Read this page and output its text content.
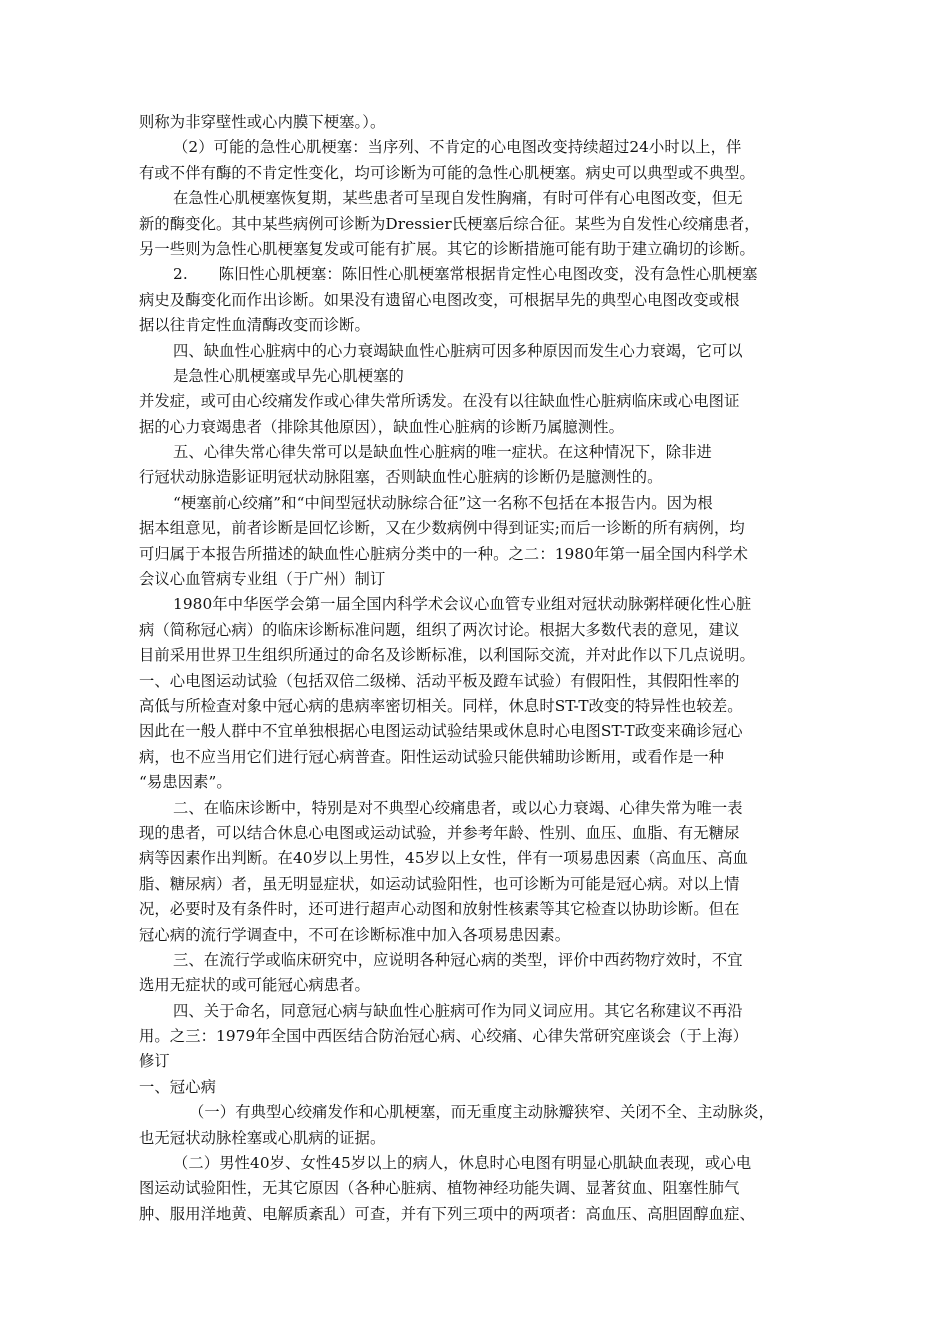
则称为非穿壁性或心内膜下梗塞。）。
（2）可能的急性心肌梗塞：当序列、不肯定的心电图改变持续超过24小时以上，伴
有或不伴有酶的不肯定性变化，均可诊断为可能的急性心肌梗塞。病史可以典型或不典型。
在急性心肌梗塞恢复期，某些患者可呈现自发性胸痛，有时可伴有心电图改变，但无
新的酶变化。其中某些病例可诊断为Dressier氏梗塞后综合征。某些为自发性心绞痛患者，
另一些则为急性心肌梗塞复发或可能有扩展。其它的诊断措施可能有助于建立确切的诊断。
2.　　陈旧性心肌梗塞：陈旧性心肌梗塞常根据肯定性心电图改变，没有急性心肌梗塞
病史及酶变化而作出诊断。如果没有遗留心电图改变，可根据早先的典型心电图改变或根
据以往肯定性血清酶改变而诊断。
四、缺血性心脏病中的心力衰竭缺血性心脏病可因多种原因而发生心力衰竭，它可以
是急性心肌梗塞或早先心肌梗塞的
并发症，或可由心绞痛发作或心律失常所诱发。在没有以往缺血性心脏病临床或心电图证
据的心力衰竭患者（排除其他原因），缺血性心脏病的诊断乃属臆测性。
五、心律失常心律失常可以是缺血性心脏病的唯一症状。在这种情况下，除非进
行冠状动脉造影证明冠状动脉阻塞，否则缺血性心脏病的诊断仍是臆测性的。
“梗塞前心绞痛”和“中间型冠状动脉综合征”这一名称不包括在本报告内。因为根
据本组意见，前者诊断是回忆诊断，又在少数病例中得到证实;而后一诊断的所有病例，均
可归属于本报告所描述的缺血性心脏病分类中的一种。之二：1980年第一届全国内科学术
会议心血管病专业组（于广州）制订
1980年中华医学会第一届全国内科学术会议心血管专业组对冠状动脉粥样硬化性心脏
病（简称冠心病）的临床诊断标准问题，组织了两次讨论。根据大多数代表的意见，建议
目前采用世界卫生组织所通过的命名及诊断标准，以利国际交流，并对此作以下几点说明。
一、心电图运动试验（包括双倍二级梯、活动平板及蹬车试验）有假阳性，其假阳性率的
高低与所检查对象中冠心病的患病率密切相关。同样，休息时ST-T改变的特异性也较差。
因此在一般人群中不宜单独根据心电图运动试验结果或休息时心电图ST-T政变来确诊冠心
病，也不应当用它们进行冠心病普查。阳性运动试验只能供辅助诊断用，或看作是一种
“易患因素”。
二、在临床诊断中，特别是对不典型心绞痛患者，或以心力衰竭、心律失常为唯一表
现的患者，可以结合休息心电图或运动试验，并参考年龄、性别、血压、血脂、有无糖尿
病等因素作出判断。在40岁以上男性，45岁以上女性，伴有一项易患因素（高血压、高血
脂、糖尿病）者，虽无明显症状，如运动试验阳性，也可诊断为可能是冠心病。对以上情
况，必要时及有条件时，还可进行超声心动图和放射性核素等其它检查以协助诊断。但在
冠心病的流行学调查中，不可在诊断标准中加入各项易患因素。
三、在流行学或临床研究中，应说明各种冠心病的类型，评价中西药物疗效时，不宜
选用无症状的或可能冠心病患者。
四、关于命名，同意冠心病与缺血性心脏病可作为同义词应用。其它名称建议不再沿
用。之三：1979年全国中西医结合防治冠心病、心绞痛、心律失常研究座谈会（于上海）
修订
一、冠心病
（一）有典型心绞痛发作和心肌梗塞，而无重度主动脉瓣狭窄、关闭不全、主动脉炎，
也无冠状动脉栓塞或心肌病的证据。
（二）男性40岁、女性45岁以上的病人，休息时心电图有明显心肌缺血表现，或心电
图运动试验阳性，无其它原因（各种心脏病、植物神经功能失调、显著贫血、阻塞性肺气
肿、服用洋地黄、电解质紊乱）可查，并有下列三项中的两项者：高血压、高胆固醇血症、
